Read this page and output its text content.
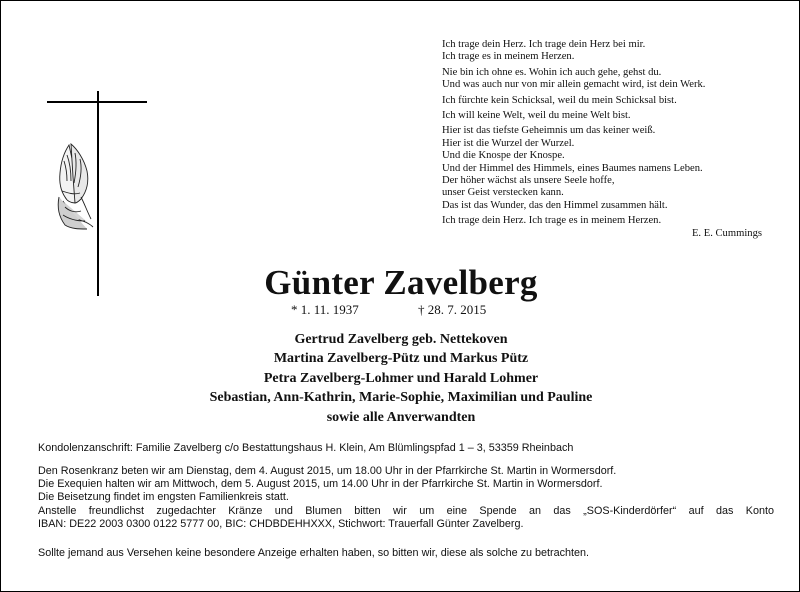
Ich trage dein Herz. Ich trage dein Herz bei mir.
Ich trage es in meinem Herzen.
Nie bin ich ohne es. Wohin ich auch gehe, gehst du.
Und was auch nur von mir allein gemacht wird, ist dein Werk.
Ich fürchte kein Schicksal, weil du mein Schicksal bist.
Ich will keine Welt, weil du meine Welt bist.
Hier ist das tiefste Geheimnis um das keiner weiß.
Hier ist die Wurzel der Wurzel.
Und die Knospe der Knospe.
Und der Himmel des Himmels, eines Baumes namens Leben.
Der höher wächst als unsere Seele hoffe,
unser Geist verstecken kann.
Das ist das Wunder, das den Himmel zusammen hält.
Ich trage dein Herz. Ich trage es in meinem Herzen.
E. E. Cummings
Günter Zavelberg
* 1. 11. 1937	† 28. 7. 2015
Gertrud Zavelberg geb. Nettekoven
Martina Zavelberg-Pütz und Markus Pütz
Petra Zavelberg-Lohmer und Harald Lohmer
Sebastian, Ann-Kathrin, Marie-Sophie, Maximilian und Pauline
sowie alle Anverwandten
Kondolenzanschrift: Familie Zavelberg c/o Bestattungshaus H. Klein, Am Blümlingspfad 1 – 3, 53359 Rheinbach
Den Rosenkranz beten wir am Dienstag, dem 4. August 2015, um 18.00 Uhr in der Pfarrkirche St. Martin in Wormersdorf.
Die Exequien halten wir am Mittwoch, dem 5. August 2015, um 14.00 Uhr in der Pfarrkirche St. Martin in Wormersdorf.
Die Beisetzung findet im engsten Familienkreis statt.
Anstelle freundlichst zugedachter Kränze und Blumen bitten wir um eine Spende an das „SOS-Kinderdörfer“ auf das Konto
IBAN: DE22 2003 0300 0122 5777 00, BIC: CHDBDEHHXXX, Stichwort: Trauerfall Günter Zavelberg.
Sollte jemand aus Versehen keine besondere Anzeige erhalten haben, so bitten wir, diese als solche zu betrachten.
